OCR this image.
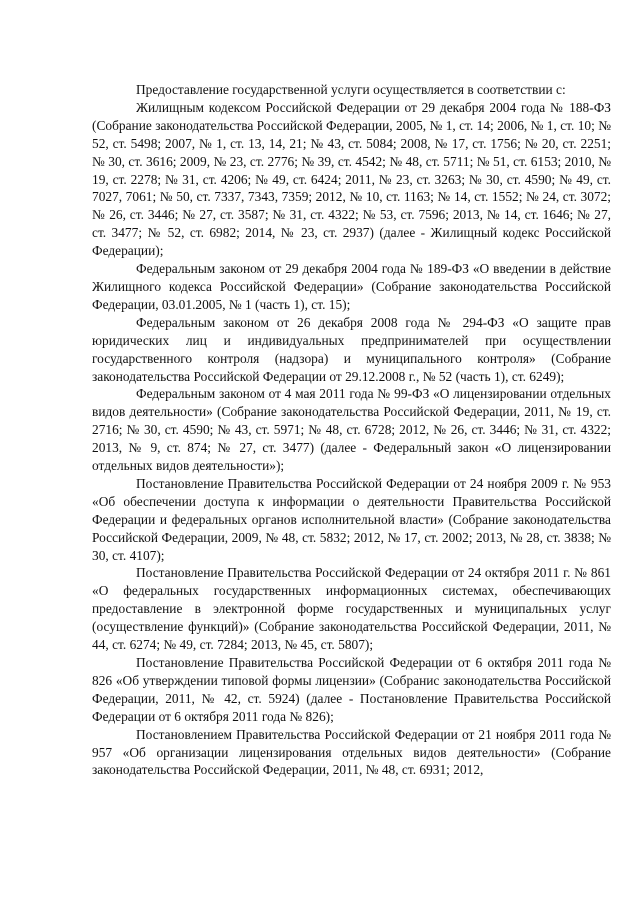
Предоставление государственной услуги осуществляется в соответствии с:

Жилищным кодексом Российской Федерации от 29 декабря 2004 года № 188-ФЗ (Собрание законодательства Российской Федерации, 2005, № 1, ст. 14; 2006, № 1, ст. 10; № 52, ст. 5498; 2007, № 1, ст. 13, 14, 21; № 43, ст. 5084; 2008, № 17, ст. 1756; № 20, ст. 2251; № 30, ст. 3616; 2009, № 23, ст. 2776; № 39, ст. 4542; № 48, ст. 5711; № 51, ст. 6153; 2010, № 19, ст. 2278; № 31, ст. 4206; № 49, ст. 6424; 2011, № 23, ст. 3263; № 30, ст. 4590; № 49, ст. 7027, 7061; № 50, ст. 7337, 7343, 7359; 2012, № 10, ст. 1163; № 14, ст. 1552; № 24, ст. 3072; № 26, ст. 3446; № 27, ст. 3587; № 31, ст. 4322; № 53, ст. 7596; 2013, № 14, ст. 1646; № 27, ст. 3477; № 52, ст. 6982; 2014, № 23, ст. 2937) (далее - Жилищный кодекс Российской Федерации);

Федеральным законом от 29 декабря 2004 года № 189-ФЗ «О введении в действие Жилищного кодекса Российской Федерации» (Собрание законодательства Российской Федерации, 03.01.2005, № 1 (часть 1), ст. 15);

Федеральным законом от 26 декабря 2008 года № 294-ФЗ «О защите прав юридических лиц и индивидуальных предпринимателей при осуществлении государственного контроля (надзора) и муниципального контроля» (Собрание законодательства Российской Федерации от 29.12.2008 г., № 52 (часть 1), ст. 6249);

Федеральным законом от 4 мая 2011 года № 99-ФЗ «О лицензировании отдельных видов деятельности» (Собрание законодательства Российской Федерации, 2011, № 19, ст. 2716; № 30, ст. 4590; № 43, ст. 5971; № 48, ст. 6728; 2012, № 26, ст. 3446; № 31, ст. 4322; 2013, № 9, ст. 874; № 27, ст. 3477) (далее - Федеральный закон «О лицензировании отдельных видов деятельности»);

Постановление Правительства Российской Федерации от 24 ноября 2009 г. № 953 «Об обеспечении доступа к информации о деятельности Правительства Российской Федерации и федеральных органов исполнительной власти» (Собрание законодательства Российской Федерации, 2009, № 48, ст. 5832; 2012, № 17, ст. 2002; 2013, № 28, ст. 3838; № 30, ст. 4107);

Постановление Правительства Российской Федерации от 24 октября 2011 г. № 861 «О федеральных государственных информационных системах, обеспечивающих предоставление в электронной форме государственных и муниципальных услуг (осуществление функций)» (Собрание законодательства Российской Федерации, 2011, № 44, ст. 6274; № 49, ст. 7284; 2013, № 45, ст. 5807);

Постановление Правительства Российской Федерации от 6 октября 2011 года № 826 «Об утверждении типовой формы лицензии» (Собранис законодательства Российской Федерации, 2011, № 42, ст. 5924) (далее - Постановление Правительства Российской Федерации от 6 октября 2011 года № 826);

Постановлением Правительства Российской Федерации от 21 ноября 2011 года № 957 «Об организации лицензирования отдельных видов деятельности» (Собрание законодательства Российской Федерации, 2011, № 48, ст. 6931; 2012,
